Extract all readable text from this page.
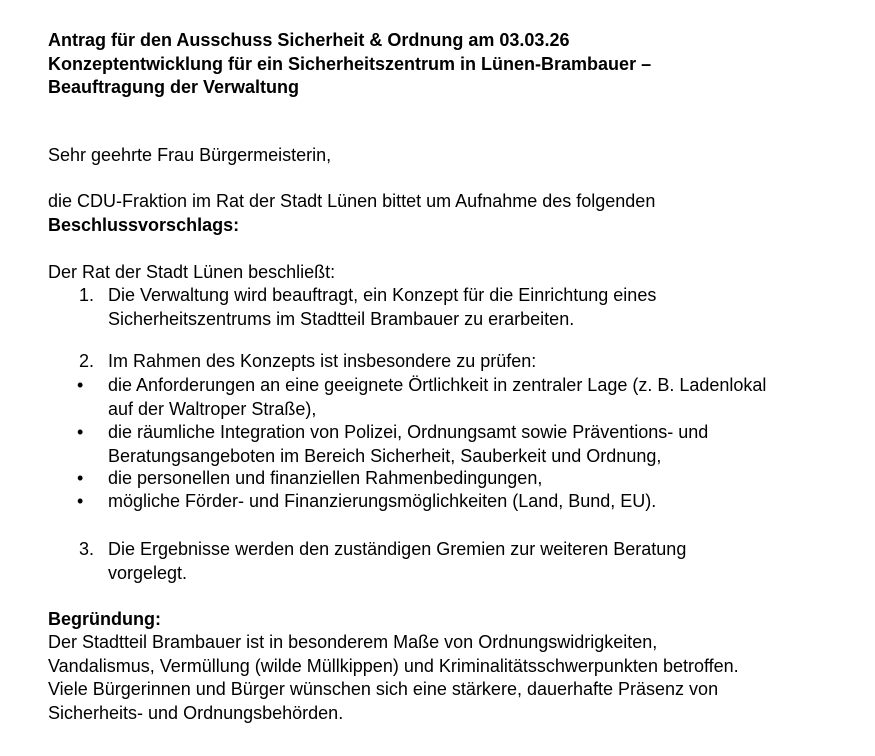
Antrag für den Ausschuss Sicherheit & Ordnung am 03.03.26
Konzeptentwicklung für ein Sicherheitszentrum in Lünen-Brambauer –
Beauftragung der Verwaltung
Sehr geehrte Frau Bürgermeisterin,
die CDU-Fraktion im Rat der Stadt Lünen bittet um Aufnahme des folgenden
Beschlussvorschlags:
Der Rat der Stadt Lünen beschließt:
1. Die Verwaltung wird beauftragt, ein Konzept für die Einrichtung eines
Sicherheitszentrums im Stadtteil Brambauer zu erarbeiten.
2. Im Rahmen des Konzepts ist insbesondere zu prüfen:
• die Anforderungen an eine geeignete Örtlichkeit in zentraler Lage (z. B. Ladenlokal
auf der Waltroper Straße),
• die räumliche Integration von Polizei, Ordnungsamt sowie Präventions- und
Beratungsangeboten im Bereich Sicherheit, Sauberkeit und Ordnung,
• die personellen und finanziellen Rahmenbedingungen,
• mögliche Förder- und Finanzierungsmöglichkeiten (Land, Bund, EU).
3. Die Ergebnisse werden den zuständigen Gremien zur weiteren Beratung
vorgelegt.
Begründung:
Der Stadtteil Brambauer ist in besonderem Maße von Ordnungswidrigkeiten,
Vandalismus, Vermüllung (wilde Müllkippen) und Kriminalitätsschwerpunkten betroffen.
Viele Bürgerinnen und Bürger wünschen sich eine stärkere, dauerhafte Präsenz von
Sicherheits- und Ordnungsbehörden.
